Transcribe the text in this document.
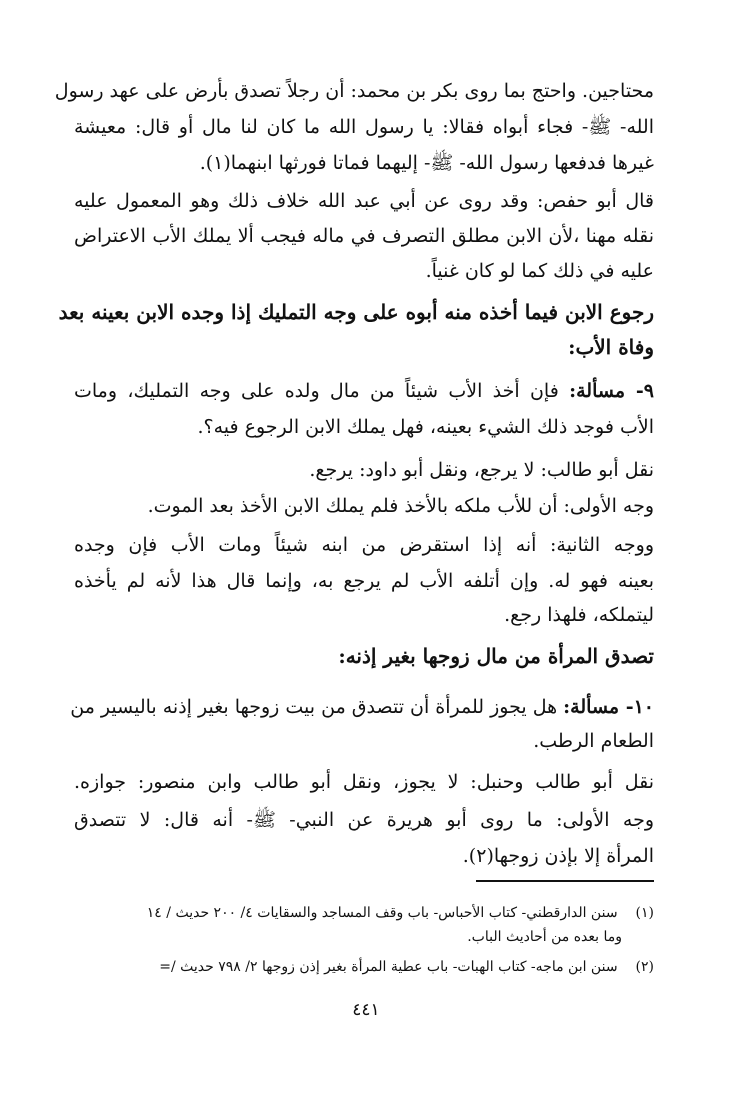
محتاجين. واحتج بما روى بكر بن محمد: أن رجلاً تصدق بأرض على عهد رسول
الله- ﷺ- فجاء أبواه فقالا: يا رسول الله ما كان لنا مال أو قال: معيشة
غيرها فدفعها رسول الله- ﷺ- إليهما فماتا فورثها ابنهما(١).
قال أبو حفص: وقد روى عن أبي عبد الله خلاف ذلك وهو المعمول عليه
نقله مهنا ،لأن الابن مطلق التصرف في ماله فيجب ألا يملك الأب الاعتراض
عليه في ذلك كما لو كان غنياً.
رجوع الابن فيما أخذه منه أبوه على وجه التمليك إذا وجده الابن بعينه بعد
وفاة الأب:
٩- مسألة: فإن أخذ الأب شيئاً من مال ولده على وجه التمليك، ومات
الأب فوجد ذلك الشيء بعينه، فهل يملك الابن الرجوع فيه؟.
نقل أبو طالب: لا يرجع، ونقل أبو داود: يرجع.
وجه الأولى: أن للأب ملكه بالأخذ فلم يملك الابن الأخذ بعد الموت.
ووجه الثانية: أنه إذا استقرض من ابنه شيئاً ومات الأب فإن وجده
بعينه فهو له. وإن أتلفه الأب لم يرجع به، وإنما قال هذا لأنه لم يأخذه
ليتملكه، فلهذا رجع.
تصدق المرأة من مال زوجها بغير إذنه:
١٠- مسألة: هل يجوز للمرأة أن تتصدق من بيت زوجها بغير إذنه باليسير من
الطعام الرطب.
نقل أبو طالب وحنبل: لا يجوز، ونقل أبو طالب وابن منصور: جوازه.
وجه الأولى: ما روى أبو هريرة عن النبي- ﷺ- أنه قال: لا تتصدق
المرأة إلا بإذن زوجها(٢).
(١) سنن الدارقطني- كتاب الأحباس- باب وقف المساجد والسقايات ٤/ ٢٠٠ حديث / ١٤
وما بعده من أحاديث الباب.
(٢) سنن ابن ماجه- كتاب الهبات- باب عطية المرأة بغير إذن زوجها ٢/ ٧٩٨ حديث /=
٤٤١
